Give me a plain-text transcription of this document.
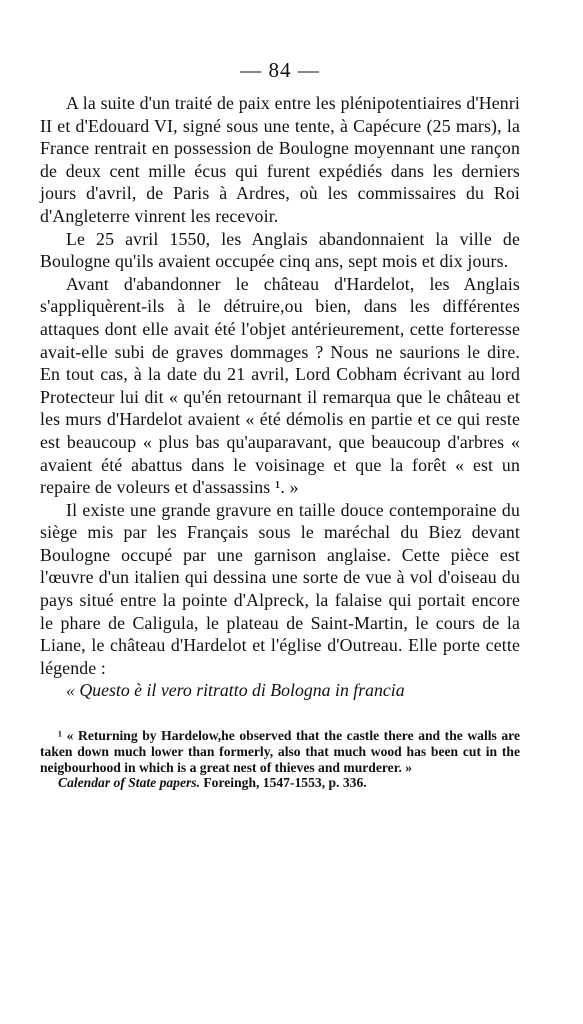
— 84 —

A la suite d'un traité de paix entre les plénipotentiaires d'Henri II et d'Edouard VI, signé sous une tente, à Capécure (25 mars), la France rentrait en possession de Boulogne moyennant une rançon de deux cent mille écus qui furent expédiés dans les derniers jours d'avril, de Paris à Ardres, où les commissaires du Roi d'Angleterre vinrent les recevoir.

Le 25 avril 1550, les Anglais abandonnaient la ville de Boulogne qu'ils avaient occupée cinq ans, sept mois et dix jours.

Avant d'abandonner le château d'Hardelot, les Anglais s'appliquèrent-ils à le détruire,ou bien, dans les différentes attaques dont elle avait été l'objet antérieurement, cette forteresse avait-elle subi de graves dommages ? Nous ne saurions le dire. En tout cas, à la date du 21 avril, Lord Cobham écrivant au lord Protecteur lui dit « qu'én retournant il remarqua que le château et les murs d'Hardelot avaient « été démolis en partie et ce qui reste est beaucoup « plus bas qu'auparavant, que beaucoup d'arbres « avaient été abattus dans le voisinage et que la forêt « est un repaire de voleurs et d'assassins ¹. »

Il existe une grande gravure en taille douce contemporaine du siège mis par les Français sous le maréchal du Biez devant Boulogne occupé par une garnison anglaise. Cette pièce est l'œuvre d'un italien qui dessina une sorte de vue à vol d'oiseau du pays situé entre la pointe d'Alpreck, la falaise qui portait encore le phare de Caligula, le plateau de Saint-Martin, le cours de la Liane, le château d'Hardelot et l'église d'Outreau. Elle porte cette légende :

« Questo è il vero ritratto di Bologna in francia

¹ « Returning by Hardelow,he observed that the castle there and the walls are taken down much lower than formerly, also that much wood has been cut in the neigbourhood in which is a great nest of thieves and murderer. »

Calendar of State papers. Foreingh, 1547-1553, p. 336.
